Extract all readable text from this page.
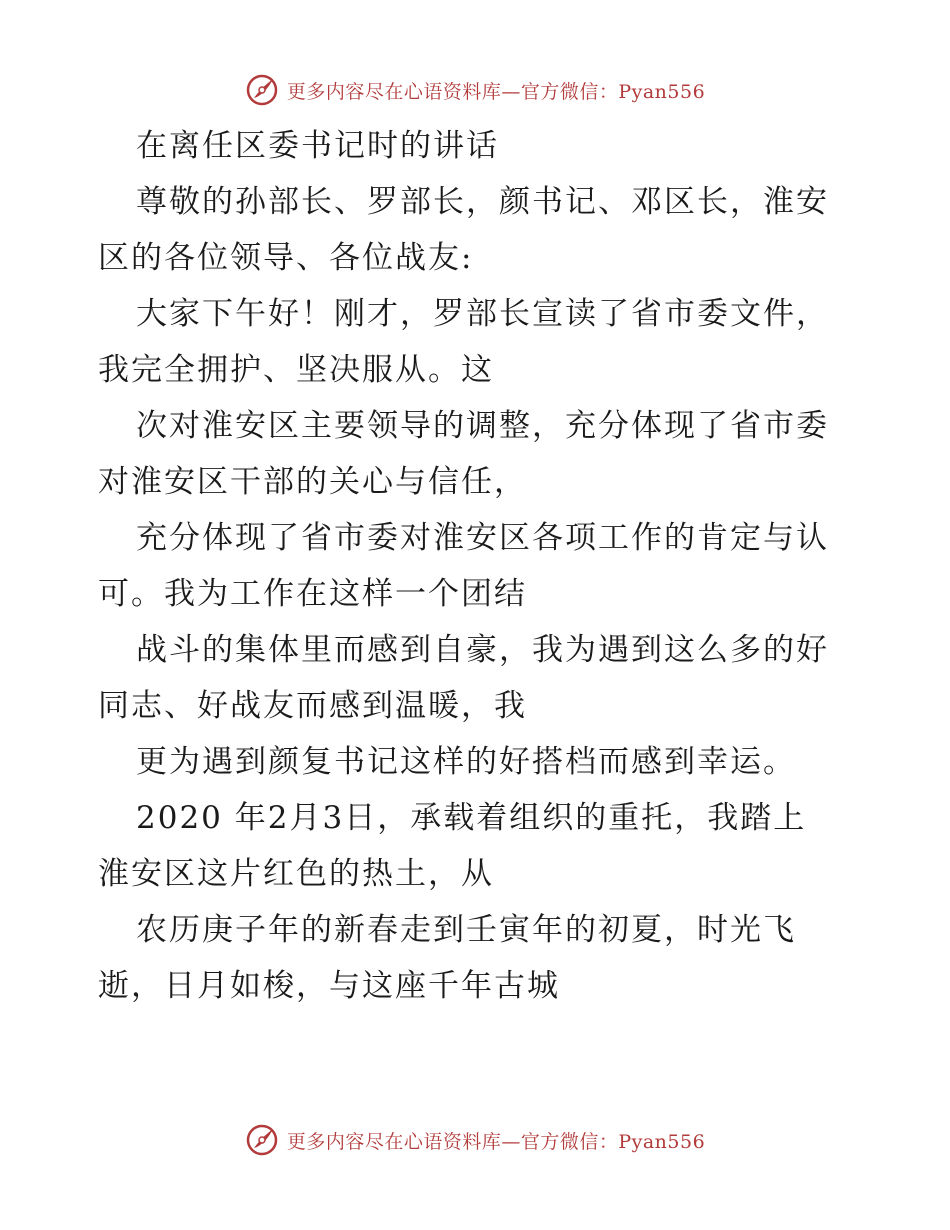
更多内容尽在心语资料库—官方微信：Pyan556
在离任区委书记时的讲话
尊敬的孙部长、罗部长，颜书记、邓区长，淮安
区的各位领导、各位战友:
大家下午好！刚才，罗部长宣读了省市委文件，
我完全拥护、坚决服从。这
次对淮安区主要领导的调整，充分体现了省市委
对淮安区干部的关心与信任，
充分体现了省市委对淮安区各项工作的肯定与认
可。我为工作在这样一个团结
战斗的集体里而感到自豪，我为遇到这么多的好
同志、好战友而感到温暖，我
更为遇到颜复书记这样的好搭档而感到幸运。
2020 年2月3日，承载着组织的重托，我踏上
淮安区这片红色的热土，从
农历庚子年的新春走到壬寅年的初夏，时光飞
逝，日月如梭，与这座千年古城
更多内容尽在心语资料库—官方微信：Pyan556
